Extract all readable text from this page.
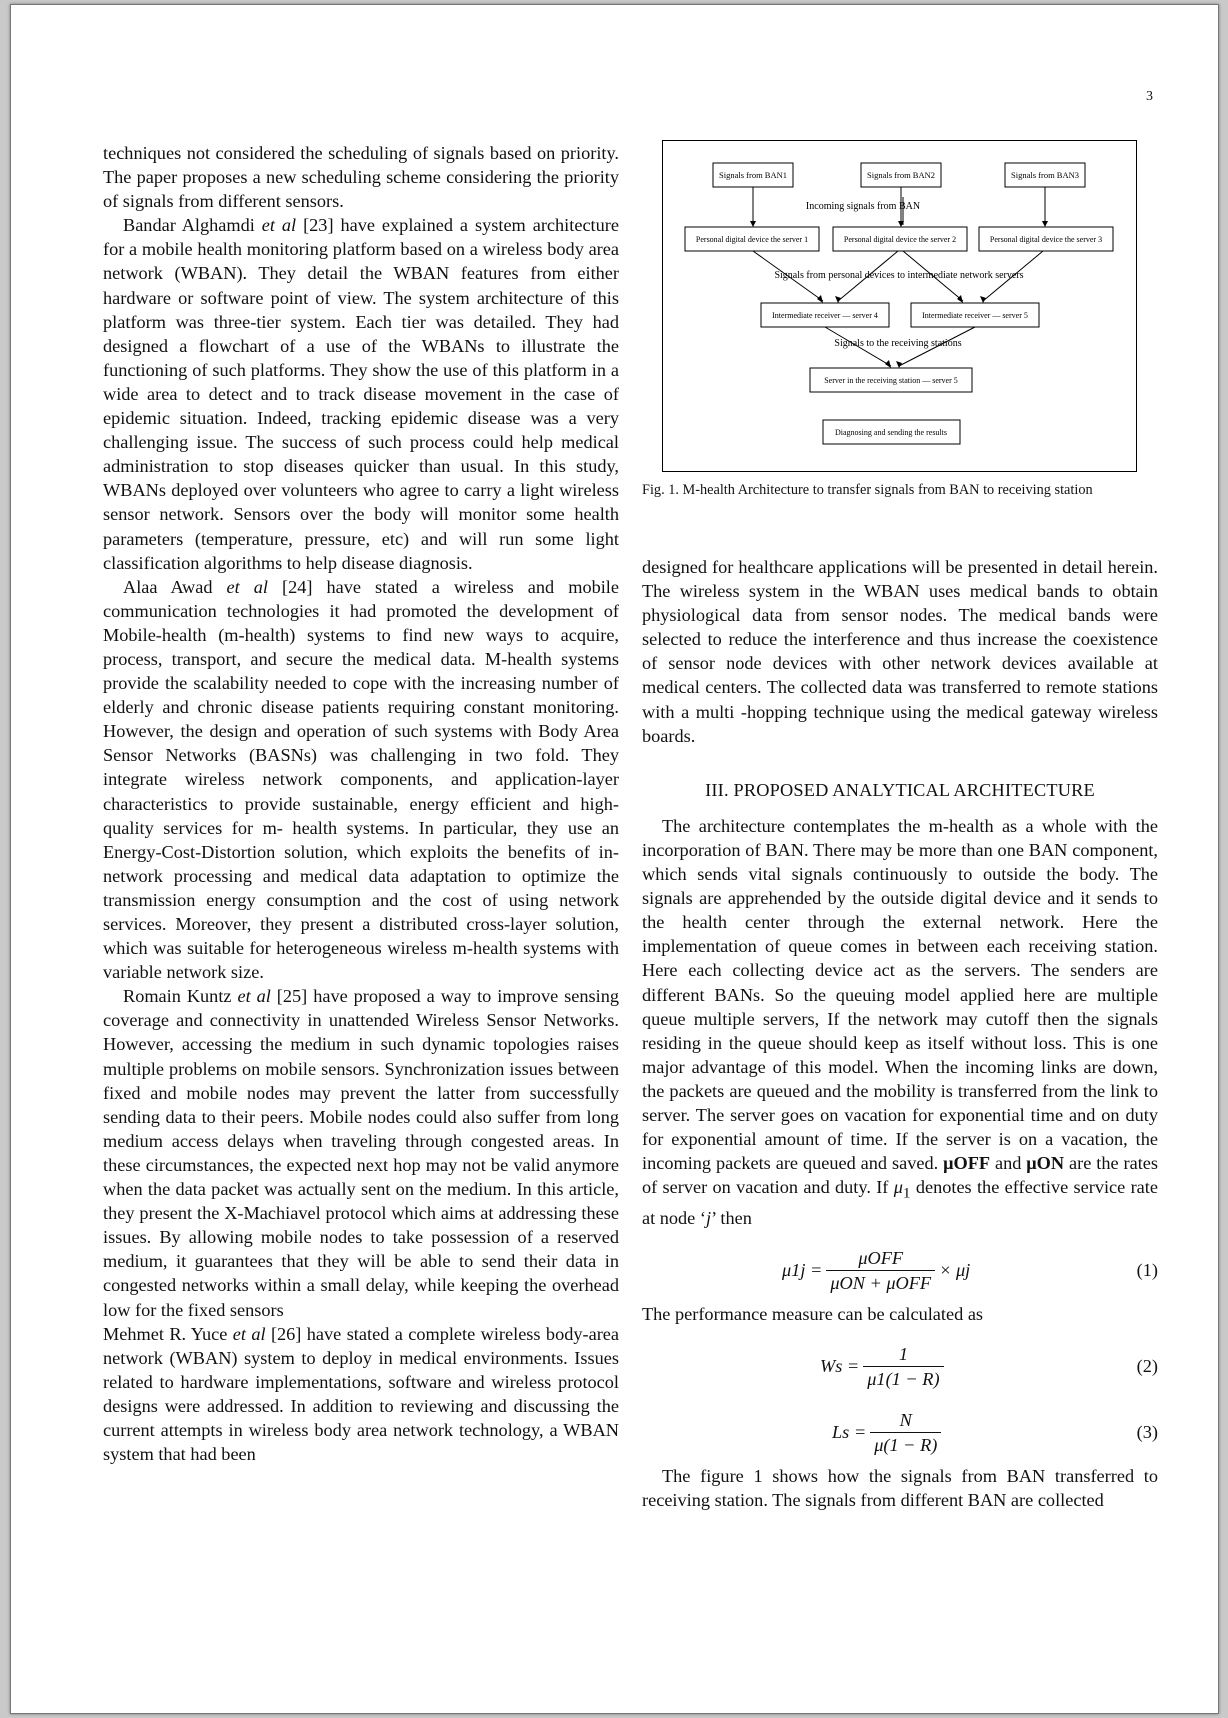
3

techniques not considered the scheduling of signals based on priority. The paper proposes a new scheduling scheme considering the priority of signals from different sensors.

Bandar Alghamdi et al [23] have explained a system architecture for a mobile health monitoring platform based on a wireless body area network (WBAN). They detail the WBAN features from either hardware or software point of view. The system architecture of this platform was three-tier system. Each tier was detailed. They had designed a flowchart of a use of the WBANs to illustrate the functioning of such platforms. They show the use of this platform in a wide area to detect and to track disease movement in the case of epidemic situation. Indeed, tracking epidemic disease was a very challenging issue. The success of such process could help medical administration to stop diseases quicker than usual. In this study, WBANs deployed over volunteers who agree to carry a light wireless sensor network. Sensors over the body will monitor some health parameters (temperature, pressure, etc) and will run some light classification algorithms to help disease diagnosis.

Alaa Awad et al [24] have stated a wireless and mobile communication technologies it had promoted the development of Mobile-health (m-health) systems to find new ways to acquire, process, transport, and secure the medical data. M-health systems provide the scalability needed to cope with the increasing number of elderly and chronic disease patients requiring constant monitoring. However, the design and operation of such systems with Body Area Sensor Networks (BASNs) was challenging in two fold. They integrate wireless network components, and application-layer characteristics to provide sustainable, energy efficient and high-quality services for m- health systems. In particular, they use an Energy-Cost-Distortion solution, which exploits the benefits of in-network processing and medical data adaptation to optimize the transmission energy consumption and the cost of using network services. Moreover, they present a distributed cross-layer solution, which was suitable for heterogeneous wireless m-health systems with variable network size.

Romain Kuntz et al [25] have proposed a way to improve sensing coverage and connectivity in unattended Wireless Sensor Networks. However, accessing the medium in such dynamic topologies raises multiple problems on mobile sensors. Synchronization issues between fixed and mobile nodes may prevent the latter from successfully sending data to their peers. Mobile nodes could also suffer from long medium access delays when traveling through congested areas. In these circumstances, the expected next hop may not be valid anymore when the data packet was actually sent on the medium. In this article, they present the X-Machiavel protocol which aims at addressing these issues. By allowing mobile nodes to take possession of a reserved medium, it guarantees that they will be able to send their data in congested networks within a small delay, while keeping the overhead low for the fixed sensors

Mehmet R. Yuce et al [26] have stated a complete wireless body-area network (WBAN) system to deploy in medical environments. Issues related to hardware implementations, software and wireless protocol designs were addressed. In addition to reviewing and discussing the current attempts in wireless body area network technology, a WBAN system that had been

Signals from BAN1	Signals from BAN2	Signals from BAN3
Personal digital device the server 1	Personal digital device the server 2	Personal digital device the server 3
Intermediate receiver — server 4	Intermediate receiver — server 5
Server in the receiving station — server 5
Diagnosing and sending the results
Incoming signals from BAN
Signals from personal devices to intermediate network servers
Signals to the receiving stations
Fig. 1. M-health Architecture to transfer signals from BAN to receiving station

designed for healthcare applications will be presented in detail herein. The wireless system in the WBAN uses medical bands to obtain physiological data from sensor nodes. The medical bands were selected to reduce the interference and thus increase the coexistence of sensor node devices with other network devices available at medical centers. The collected data was transferred to remote stations with a multi -hopping technique using the medical gateway wireless boards.

III. PROPOSED ANALYTICAL ARCHITECTURE

The architecture contemplates the m-health as a whole with the incorporation of BAN. There may be more than one BAN component, which sends vital signals continuously to outside the body. The signals are apprehended by the outside digital device and it sends to the health center through the external network. Here the implementation of queue comes in between each receiving station. Here each collecting device act as the servers. The senders are different BANs. So the queuing model applied here are multiple queue multiple servers, If the network may cutoff then the signals residing in the queue should keep as itself without loss. This is one major advantage of this model. When the incoming links are down, the packets are queued and the mobility is transferred from the link to server. The server goes on vacation for exponential time and on duty for exponential amount of time. If the server is on a vacation, the incoming packets are queued and saved. μOFF and μON are the rates of server on vacation and duty. If $\mu_1$ denotes the effective service rate at node ‘j’ then

$\mu 1j = \frac{\text{μOFF}}{\text{μON + μOFF}} \times \mu j$	(1)

The performance measure can be calculated as

$Ws = \frac{1}{\mu 1(1 - R)}$	(2)
$Ls = \frac{N}{\mu(1 - R)}$	(3)

The figure 1 shows how the signals from BAN transferred to receiving station. The signals from different BAN are collected
